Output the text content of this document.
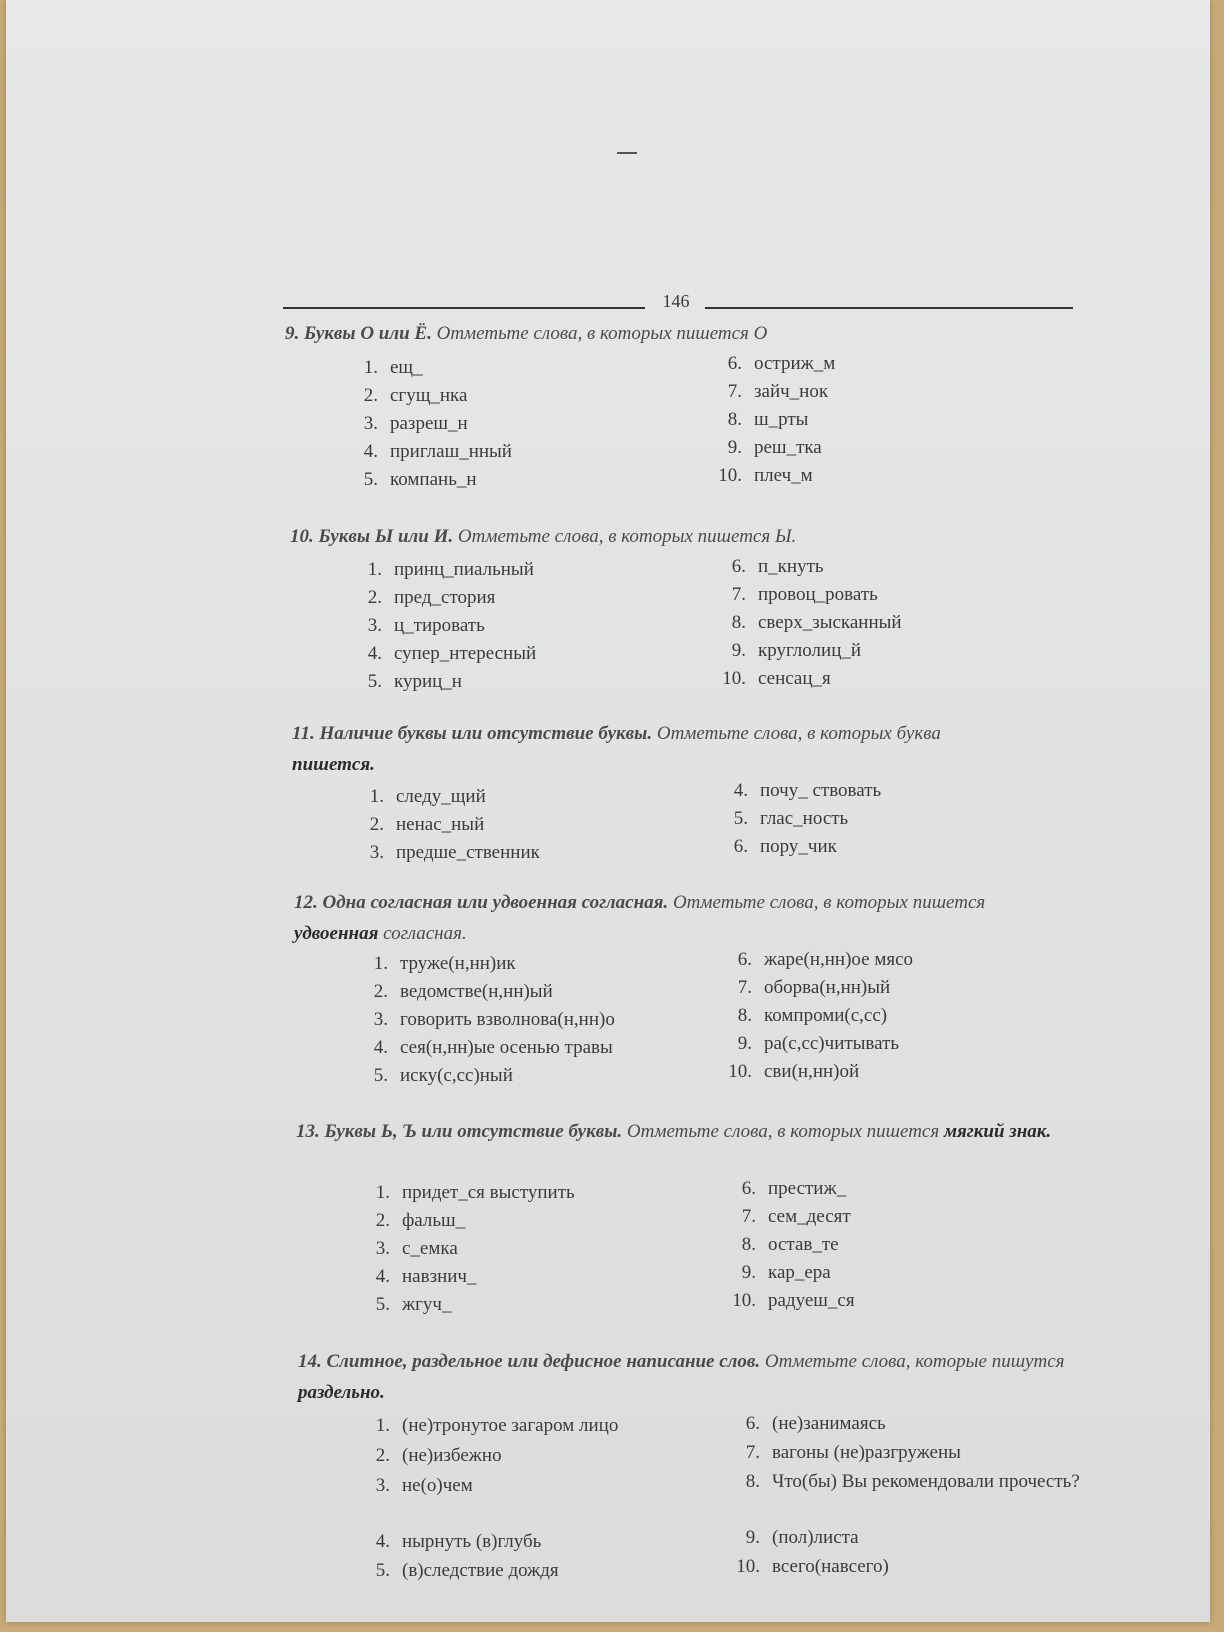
146

9. Буквы О или Ё. Отметьте слова, в которых пишется О

1. ещ_
2. сгущ_нка
3. разреш_н
4. приглаш_нный
5. компань_н
6. остриж_м
7. зайч_нок
8. ш_рты
9. реш_тка
10. плеч_м

10. Буквы Ы или И. Отметьте слова, в которых пишется Ы.

1. принц_пиальный
2. пред_стория
3. ц_тировать
4. супер_нтересный
5. куриц_н
6. п_кнуть
7. провоц_ровать
8. сверх_зысканный
9. круглолиц_й
10. сенсац_я

11. Наличие буквы или отсутствие буквы. Отметьте слова, в которых буква пишется.

1. следу_щий
2. ненас_ный
3. предше_ственник
4. почу_ ствовать
5. глас_ность
6. пору_чик

12. Одна согласная или удвоенная согласная. Отметьте слова, в которых пишется удвоенная согласная.

1. труже(н,нн)ик
2. ведомстве(н,нн)ый
3. говорить взволнова(н,нн)о
4. сея(н,нн)ые осенью травы
5. иску(с,сс)ный
6. жаре(н,нн)ое мясо
7. оборва(н,нн)ый
8. компроми(с,сс)
9. ра(с,сс)читывать
10. сви(н,нн)ой

13. Буквы Ь, Ъ или отсутствие буквы. Отметьте слова, в которых пишется мягкий знак.

1. придет_ся выступить
2. фальш_
3. с_емка
4. навзнич_
5. жгуч_
6. престиж_
7. сем_десят
8. остав_те
9. кар_ера
10. радуеш_ся

14. Слитное, раздельное или дефисное написание слов. Отметьте слова, которые пишутся раздельно.

1. (не)тронутое загаром лицо
2. (не)избежно
3. не(о)чем
4. нырнуть (в)глубь
5. (в)следствие дождя
6. (не)занимаясь
7. вагоны (не)разгружены
8. Что(бы) Вы рекомендовали прочесть?
9. (пол)листа
10. всего(навсего)
